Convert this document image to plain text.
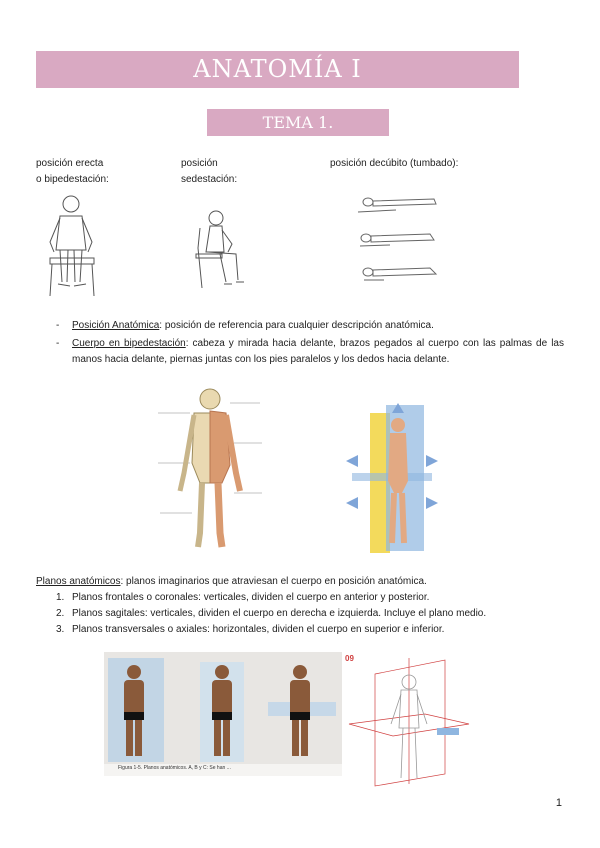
ANATOMÍA I
TEMA 1. CONCEPTOS GENERALES
posición erecta
o bipedestación:
posición
sedestación:
posición decúbito (tumbado):
- Posición Anatómica: posición de referencia para cualquier descripción anatómica.
- Cuerpo en bipedestación: cabeza y mirada hacia delante, brazos pegados al cuerpo con las palmas de las manos hacia delante, piernas juntas con los pies paralelos y los dedos hacia delante.
Planos anatómicos: planos imaginarios que atraviesan el cuerpo en posición anatómica.
1. Planos frontales o coronales: verticales, dividen el cuerpo en anterior y posterior.
2. Planos sagitales: verticales, dividen el cuerpo en derecha e izquierda. Incluye el plano medio.
3. Planos transversales o axiales: horizontales, dividen el cuerpo en superior e inferior.
Figura 1-5. Planos anatómicos. A, B y C: Se han ...
09
1
